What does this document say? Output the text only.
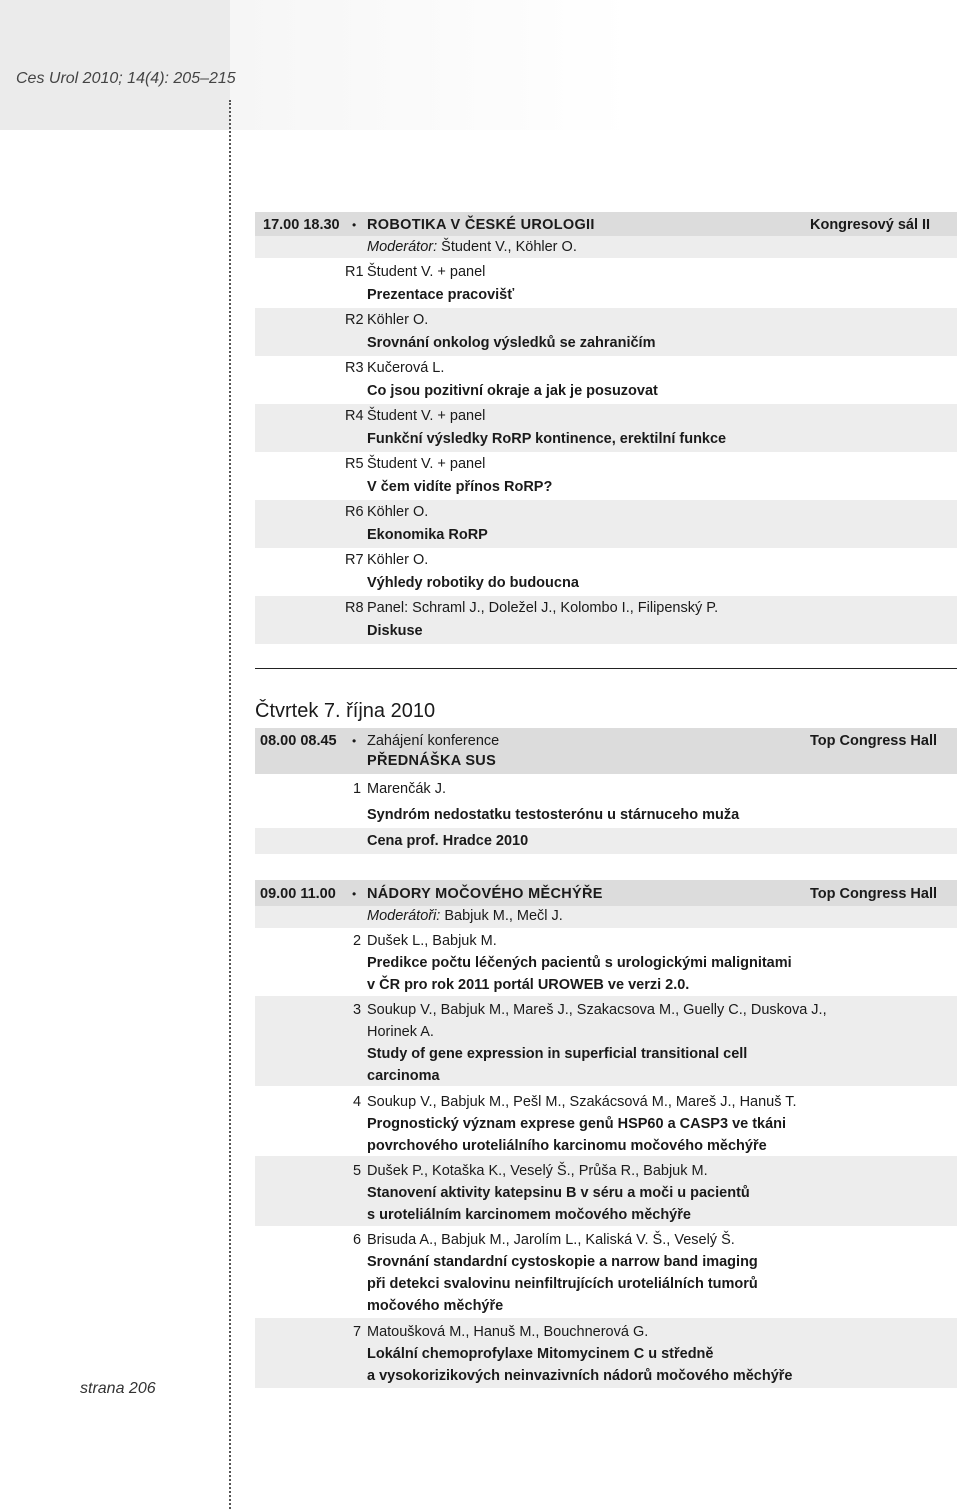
Ces Urol 2010; 14(4): 205–215
strana 206
17.00 18.30 • ROBOTIKA V ČESKÉ UROLOGII	Kongresový sál II
Moderátor: Študent V., Köhler O.
R1 Študent V. + panel
Prezentace pracovišť
R2 Köhler O.
Srovnání onkolog výsledků se zahraničím
R3 Kučerová L.
Co jsou pozitivní okraje a jak je posuzovat
R4 Študent V. + panel
Funkční výsledky RoRP kontinence, erektilní funkce
R5 Študent V. + panel
V čem vidíte přínos RoRP?
R6 Köhler O.
Ekonomika RoRP
R7 Köhler O.
Výhledy robotiky do budoucna
R8 Panel: Schraml J., Doležel J., Kolombo I., Filipenský P.
Diskuse
Čtvrtek 7. října 2010
08.00 08.45 • Zahájení konference	Top Congress Hall
PŘEDNÁŠKA SUS
1 Marenčák J.
Syndróm nedostatku testosterónu u stárnuceho muža
Cena prof. Hradce 2010
09.00 11.00 • NÁDORY MOČOVÉHO MĚCHÝŘE	Top Congress Hall
Moderátoři: Babjuk M., Mečl J.
2 Dušek L., Babjuk M.
Predikce počtu léčených pacientů s urologickými malignitami
v ČR pro rok 2011 portál UROWEB ve verzi 2.0.
3 Soukup V., Babjuk M., Mareš J., Szakacsova M., Guelly C., Duskova J.,
Horinek A.
Study of gene expression in superficial transitional cell
carcinoma
4 Soukup V., Babjuk M., Pešl M., Szakácsová M., Mareš J., Hanuš T.
Prognostický význam exprese genů HSP60 a CASP3 ve tkáni
povrchového uroteliálního karcinomu močového měchýře
5 Dušek P., Kotaška K., Veselý Š., Průša R., Babjuk M.
Stanovení aktivity katepsinu B v séru a moči u pacientů
s uroteliálním karcinomem močového měchýře
6 Brisuda A., Babjuk M., Jarolím L., Kaliská V. Š., Veselý Š.
Srovnání standardní cystoskopie a narrow band imaging
při detekci svalovinu neinfiltrujících uroteliálních tumorů
močového měchýře
7 Matoušková M., Hanuš M., Bouchnerová G.
Lokální chemoprofylaxe Mitomycinem C u středně
a vysokorizikových neinvazivních nádorů močového měchýře
